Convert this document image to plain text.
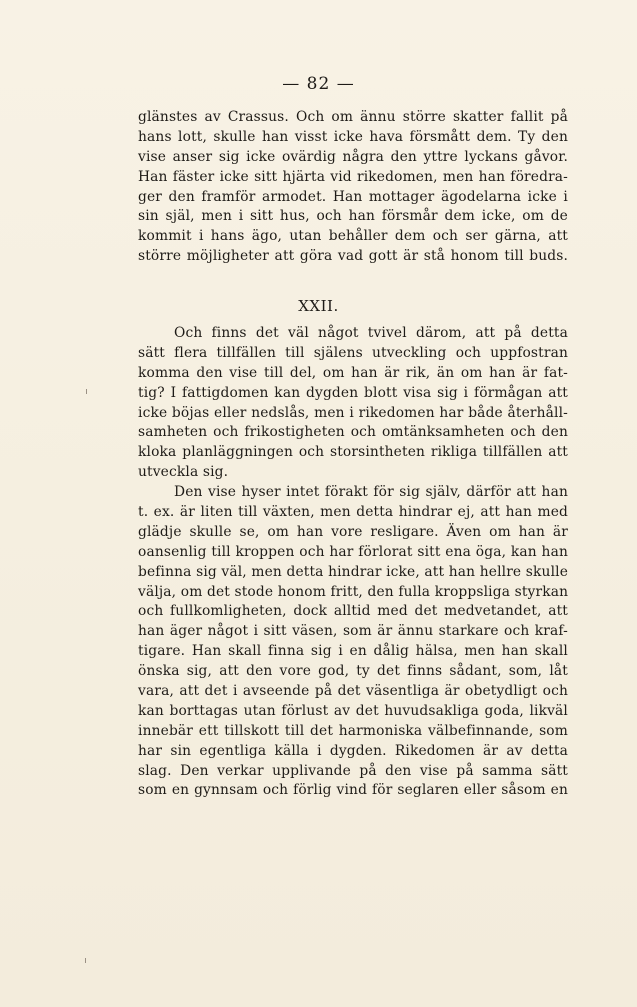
— 82 —
glänstes av Crassus. Och om ännu större skatter fallit på
hans lott, skulle han visst icke hava försmått dem. Ty den
vise anser sig icke ovärdig några den yttre lyckans gåvor.
Han fäster icke sitt hjärta vid rikedomen, men han föredra-
ger den framför armodet. Han mottager ägodelarna icke i
sin själ, men i sitt hus, och han försmår dem icke, om de
kommit i hans ägo, utan behåller dem och ser gärna, att
större möjligheter att göra vad gott är stå honom till buds.
XXII.
Och finns det väl något tvivel därom, att på detta
sätt flera tillfällen till själens utveckling och uppfostran
komma den vise till del, om han är rik, än om han är fat-
tig? I fattigdomen kan dygden blott visa sig i förmågan att
icke böjas eller nedslås, men i rikedomen har både återhåll-
samheten och frikostigheten och omtänksamheten och den
kloka planläggningen och storsintheten rikliga tillfällen att
utveckla sig.
Den vise hyser intet förakt för sig själv, därför att han
t. ex. är liten till växten, men detta hindrar ej, att han med
glädje skulle se, om han vore resligare. Även om han är
oansenlig till kroppen och har förlorat sitt ena öga, kan han
befinna sig väl, men detta hindrar icke, att han hellre skulle
välja, om det stode honom fritt, den fulla kroppsliga styrkan
och fullkomligheten, dock alltid med det medvetandet, att
han äger något i sitt väsen, som är ännu starkare och kraf-
tigare. Han skall finna sig i en dålig hälsa, men han skall
önska sig, att den vore god, ty det finns sådant, som, låt
vara, att det i avseende på det väsentliga är obetydligt och
kan borttagas utan förlust av det huvudsakliga goda, likväl
innebär ett tillskott till det harmoniska välbefinnande, som
har sin egentliga källa i dygden. Rikedomen är av detta
slag. Den verkar upplivande på den vise på samma sätt
som en gynnsam och förlig vind för seglaren eller såsom en
